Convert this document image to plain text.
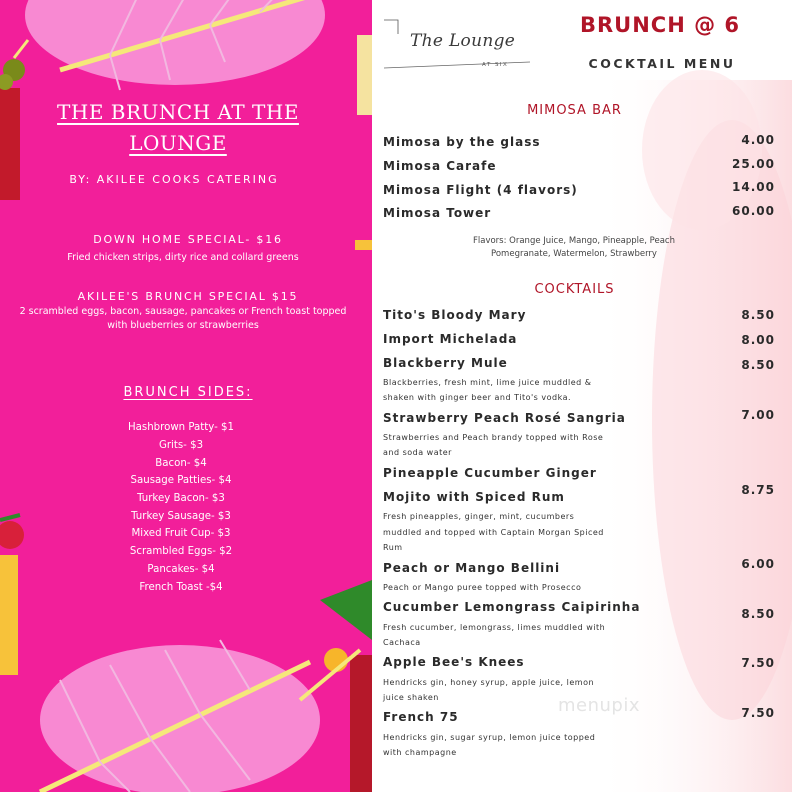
THE BRUNCH AT THE
LOUNGE
BY: AKILEE COOKS CATERING
DOWN HOME SPECIAL- $16
Fried chicken strips, dirty rice and collard greens
AKILEE'S BRUNCH SPECIAL $15
2 scrambled eggs, bacon, sausage, pancakes or French toast topped
with blueberries or strawberries
BRUNCH SIDES:
Hashbrown Patty- $1
Grits- $3
Bacon- $4
Sausage Patties- $4
Turkey Bacon- $3
Turkey Sausage- $3
Mixed Fruit Cup- $3
Scrambled Eggs- $2
Pancakes- $4
French Toast -$4
The Lounge
AT SIX
BRUNCH @ 6
COCKTAIL MENU
MIMOSA BAR
Mimosa by the glass	4.00
Mimosa Carafe	25.00
Mimosa Flight (4 flavors)	14.00
Mimosa Tower	60.00
Flavors: Orange Juice, Mango, Pineapple, Peach
Pomegranate, Watermelon, Strawberry
COCKTAILS
Tito's Bloody Mary	8.50
Import Michelada	8.00
Blackberry Mule	8.50
Blackberries, fresh mint, lime juice muddled &
shaken with ginger beer and Tito's vodka.
Strawberry Peach Rosé Sangria	7.00
Strawberries and Peach brandy topped with Rose
and soda water
Pineapple Cucumber Ginger
Mojito with Spiced Rum	8.75
Fresh pineapples, ginger, mint, cucumbers
muddled and topped with Captain Morgan Spiced
Rum
Peach or Mango Bellini	6.00
Peach or Mango puree topped with Prosecco
Cucumber Lemongrass Caipirinha	8.50
Fresh cucumber, lemongrass, limes muddled with
Cachaca
Apple Bee's Knees	7.50
Hendricks gin, honey syrup, apple juice, lemon
juice shaken
French 75	7.50
Hendricks gin, sugar syrup, lemon juice topped
with champagne
menupix
